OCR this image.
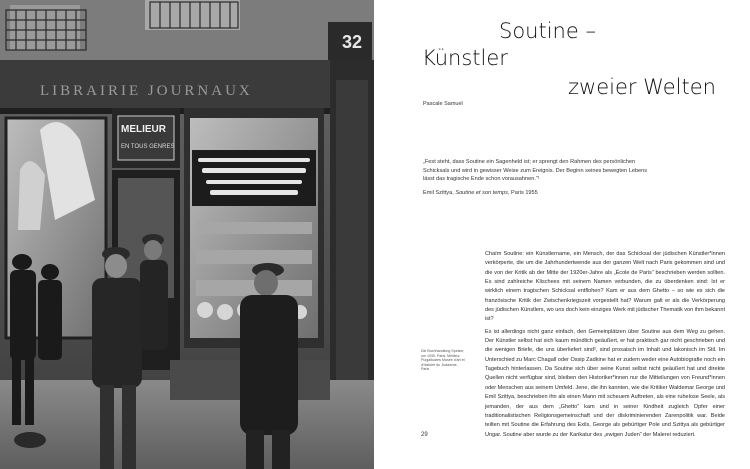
32
LIBRAIRIE JOURNAUX
MELIEUR
EN TOUS GENRES
Die Buchhandlung Speiser, um 1930, Paris. Mellieur Pulgaltuares Musee d'art et d'histoire du Judaisme, Paris
29
Soutine –
Künstler
zweier Welten
Pascale Samuel
„Fest steht, dass Soutine ein Sagenheld ist; er sprengt den Rahmen des persönlichen Schicksals und wird in gewisser Weise zum Ereignis. Der Beginn seines bewegten Lebens lässt das tragische Ende schon vorausahnen.“¹
Emil Szittya, Soutine et son temps, Paris 1955

Chaïm Soutine: ein Künstlername, ein Mensch, der das Schicksal der jüdischen Künstler*innen verkörperte, die um die Jahrhundertwende aus der ganzen Welt nach Paris gekommen sind und die von der Kritik ab der Mitte der 1920er-Jahre als „École de Paris“ beschrieben werden sollten. Es sind zahlreiche Klischees mit seinem Namen verbunden, die zu überdenken sind: Ist er wirklich einem tragischen Schicksal entflohen? Kam er aus dem Ghetto – so wie es sich die französische Kritik der Zwischenkriegszeit vorgestellt hat? Warum galt er als die Verkörperung des jüdischen Künstlers, wo uns doch kein einziges Werk mit jüdischer Thematik von ihm bekannt ist?

Es ist allerdings nicht ganz einfach, den Gemeinplätzen über Soutine aus dem Weg zu gehen. Der Künstler selbst hat sich kaum mündlich geäußert, er hat praktisch gar nicht geschrieben und die wenigen Briefe, die uns überliefert sind², sind prosaisch im Inhalt und lakonisch im Stil. Im Unterschied zu Marc Chagall oder Ossip Zadkine hat er zudem weder eine Autobiografie noch ein Tagebuch hinterlassen. Da Soutine sich über seine Kunst selbst nicht geäußert hat und direkte Quellen nicht verfügbar sind, bleiben den Historiker*innen nur die Mitteilungen von Freund*innen oder Menschen aus seinem Umfeld. Jene, die ihn kannten, wie die Kritiker Waldemar George und Emil Szittya, beschrieben ihn als einen Mann mit scheuem Auftreten, als eine ruhelose Seele, als jemanden, der aus dem „Ghetto“ kam und in seiner Kindheit zugleich Opfer einer traditionalistischen Religionsgemeinschaft und der diskriminierenden Zarenpolitik war. Beide teilten mit Soutine die Erfahrung des Exils, George als gebürtiger Pole und Szittya als gebürtiger Ungar. Soutine aber wurde zu der Karikatur des „ewigen Juden“ der Malerei reduziert.
